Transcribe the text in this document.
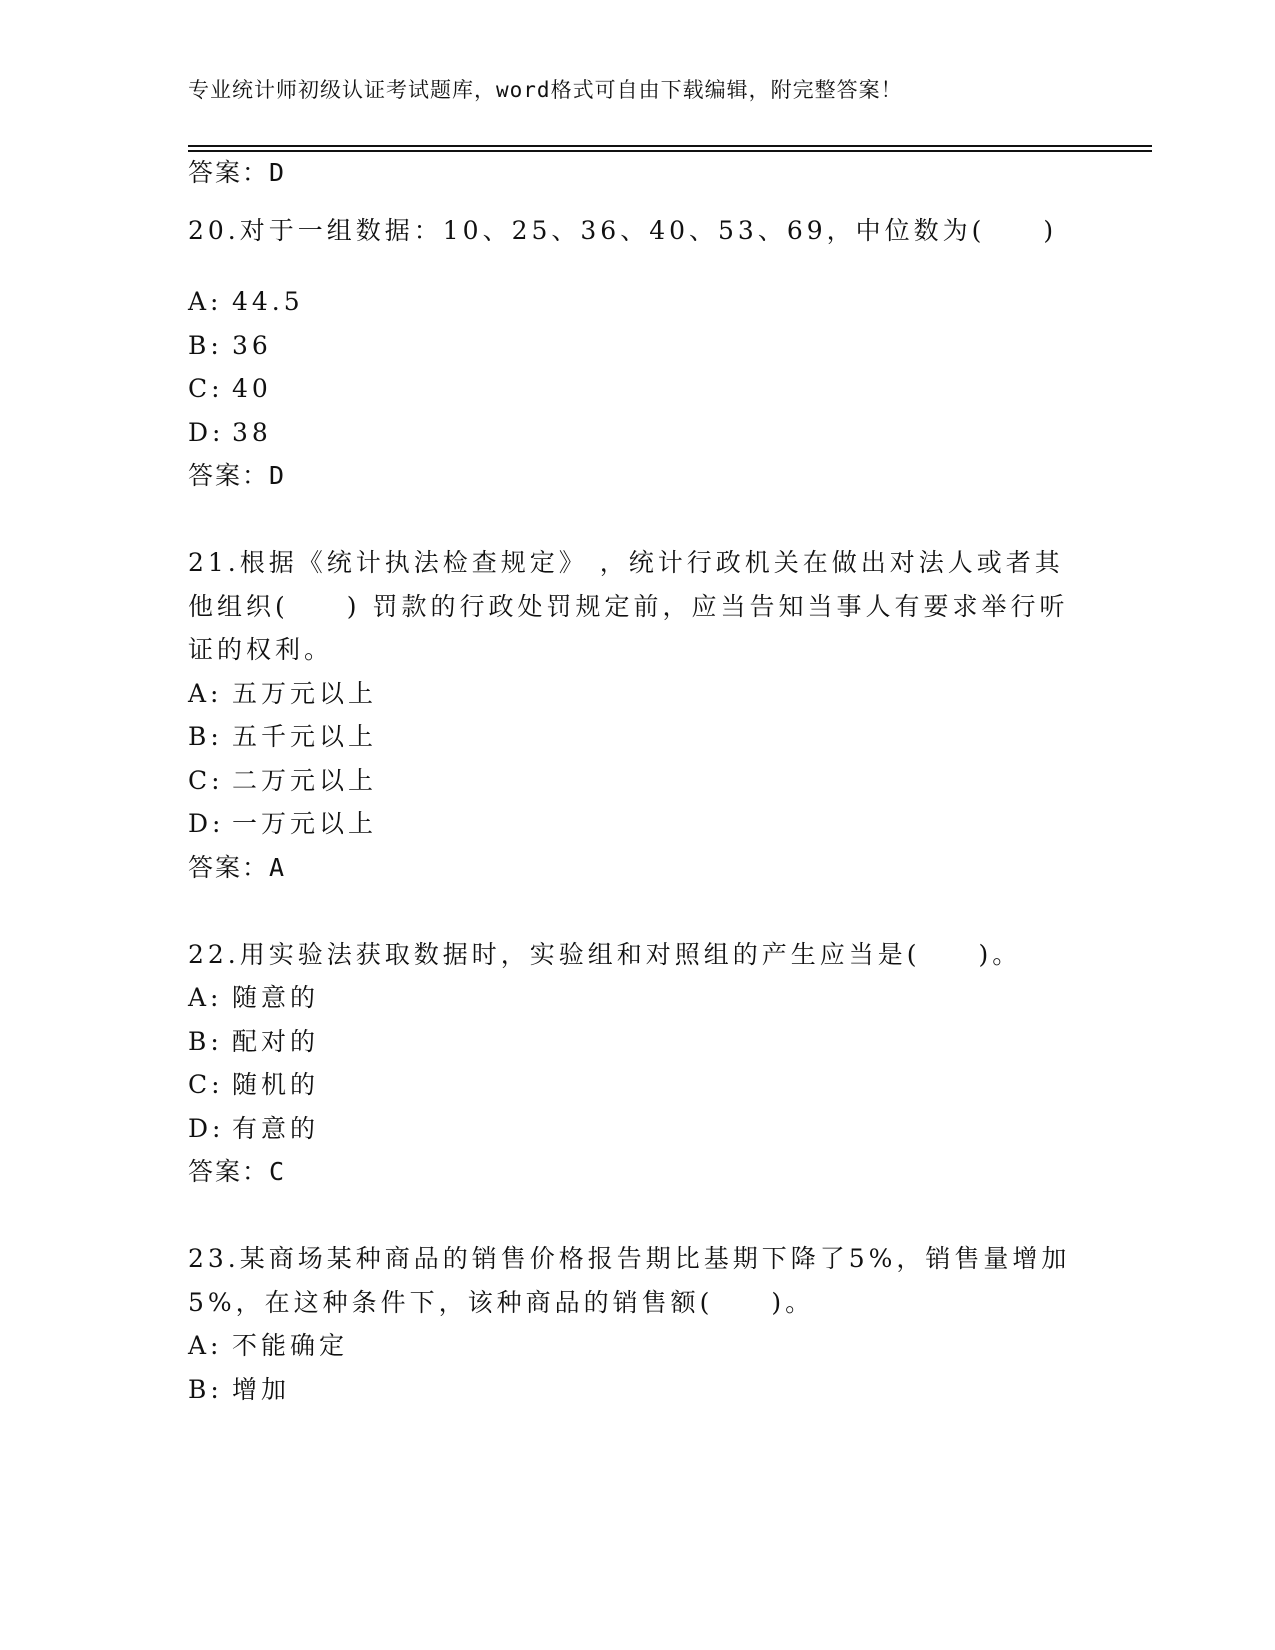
专业统计师初级认证考试题库，word格式可自由下载编辑，附完整答案！
答案：D
20.对于一组数据：10、25、36、40、53、69，中位数为(　　)
A: 44.5
B: 36
C: 40
D: 38
答案：D
21.根据《统计执法检查规定》 ，统计行政机关在做出对法人或者其
他组织(　　) 罚款的行政处罚规定前，应当告知当事人有要求举行听
证的权利。
A: 五万元以上
B: 五千元以上
C: 二万元以上
D: 一万元以上
答案：A
22.用实验法获取数据时，实验组和对照组的产生应当是(　　)。
A: 随意的
B: 配对的
C: 随机的
D: 有意的
答案：C
23.某商场某种商品的销售价格报告期比基期下降了5%，销售量增加
5%，在这种条件下，该种商品的销售额(　　)。
A: 不能确定
B: 增加
